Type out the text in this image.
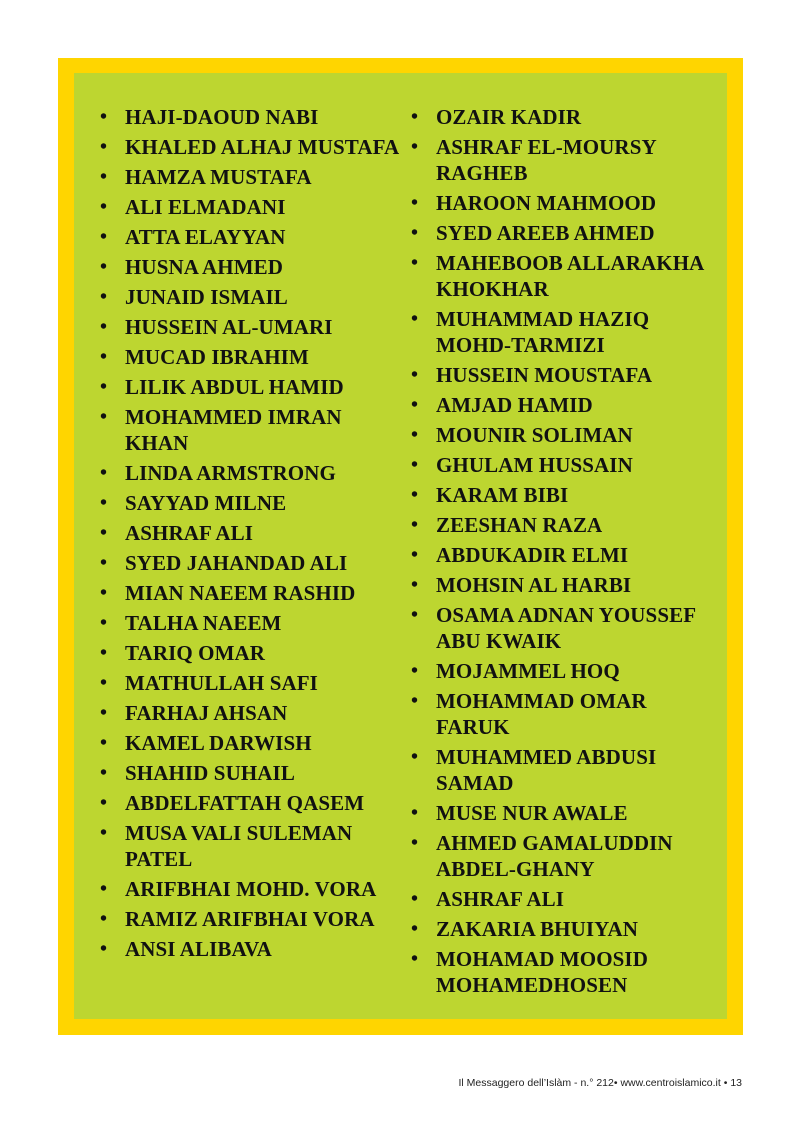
• HAJI-DAOUD NABI
• KHALED ALHAJ MUSTAFA
• HAMZA MUSTAFA
• ALI ELMADANI
• ATTA ELAYYAN
• HUSNA AHMED
• JUNAID ISMAIL
• HUSSEIN AL-UMARI
• MUCAD IBRAHIM
• LILIK ABDUL HAMID
• MOHAMMED IMRAN KHAN
• LINDA ARMSTRONG
• SAYYAD MILNE
• ASHRAF ALI
• SYED JAHANDAD ALI
• MIAN NAEEM RASHID
• TALHA NAEEM
• TARIQ OMAR
• MATHULLAH SAFI
• FARHAJ AHSAN
• KAMEL DARWISH
• SHAHID SUHAIL
• ABDELFATTAH QASEM
• MUSA VALI SULEMAN PATEL
• ARIFBHAI MOHD. VORA
• RAMIZ ARIFBHAI VORA
• ANSI ALIBAVA
• OZAIR KADIR
• ASHRAF EL-MOURSY RAGHEB
• HAROON MAHMOOD
• SYED AREEB AHMED
• MAHEBOOB ALLARAKHA KHOKHAR
• MUHAMMAD HAZIQ MOHD-TARMIZI
• HUSSEIN MOUSTAFA
• AMJAD HAMID
• MOUNIR SOLIMAN
• GHULAM HUSSAIN
• KARAM BIBI
• ZEESHAN RAZA
• ABDUKADIR ELMI
• MOHSIN AL HARBI
• OSAMA ADNAN YOUSSEF ABU KWAIK
• MOJAMMEL HOQ
• MOHAMMAD OMAR FARUK
• MUHAMMED ABDUSI SAMAD
• MUSE NUR AWALE
• AHMED GAMALUDDIN ABDEL-GHANY
• ASHRAF ALI
• ZAKARIA BHUIYAN
• MOHAMAD MOOSID MOHAMEDHOSEN
Il Messaggero dell’Islàm - n.° 212• www.centroislamico.it • 13
